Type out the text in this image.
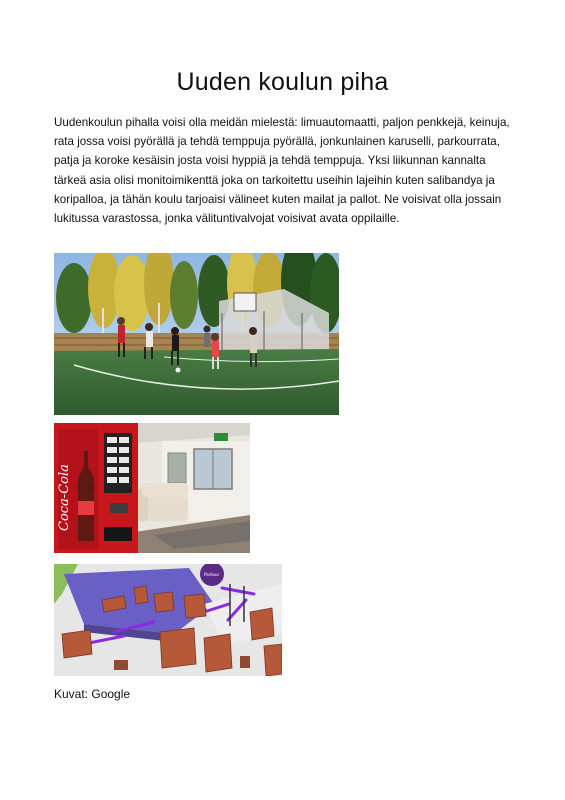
Uuden koulun piha

Uudenkoulun pihalla voisi olla meidän mielestä: limuautomaatti, paljon penkkejä, keinuja, rata jossa voisi pyörällä ja tehdä temppuja pyörällä, jonkunlainen karuselli, parkourrata, patja ja koroke kesäisin josta voisi hyppiä ja tehdä temppuja. Yksi liikunnan kannalta tärkeä asia olisi monitoimikenttä joka on tarkoitettu useihin lajeihin kuten salibandya ja koripalloa, ja tähän koulu tarjoaisi välineet kuten mailat ja pallot. Ne voisivat olla jossain lukitussa varastossa, jonka välituntivalvojat voisivat avata oppilaille.

Coca-Cola
Parkour

Kuvat: Google
